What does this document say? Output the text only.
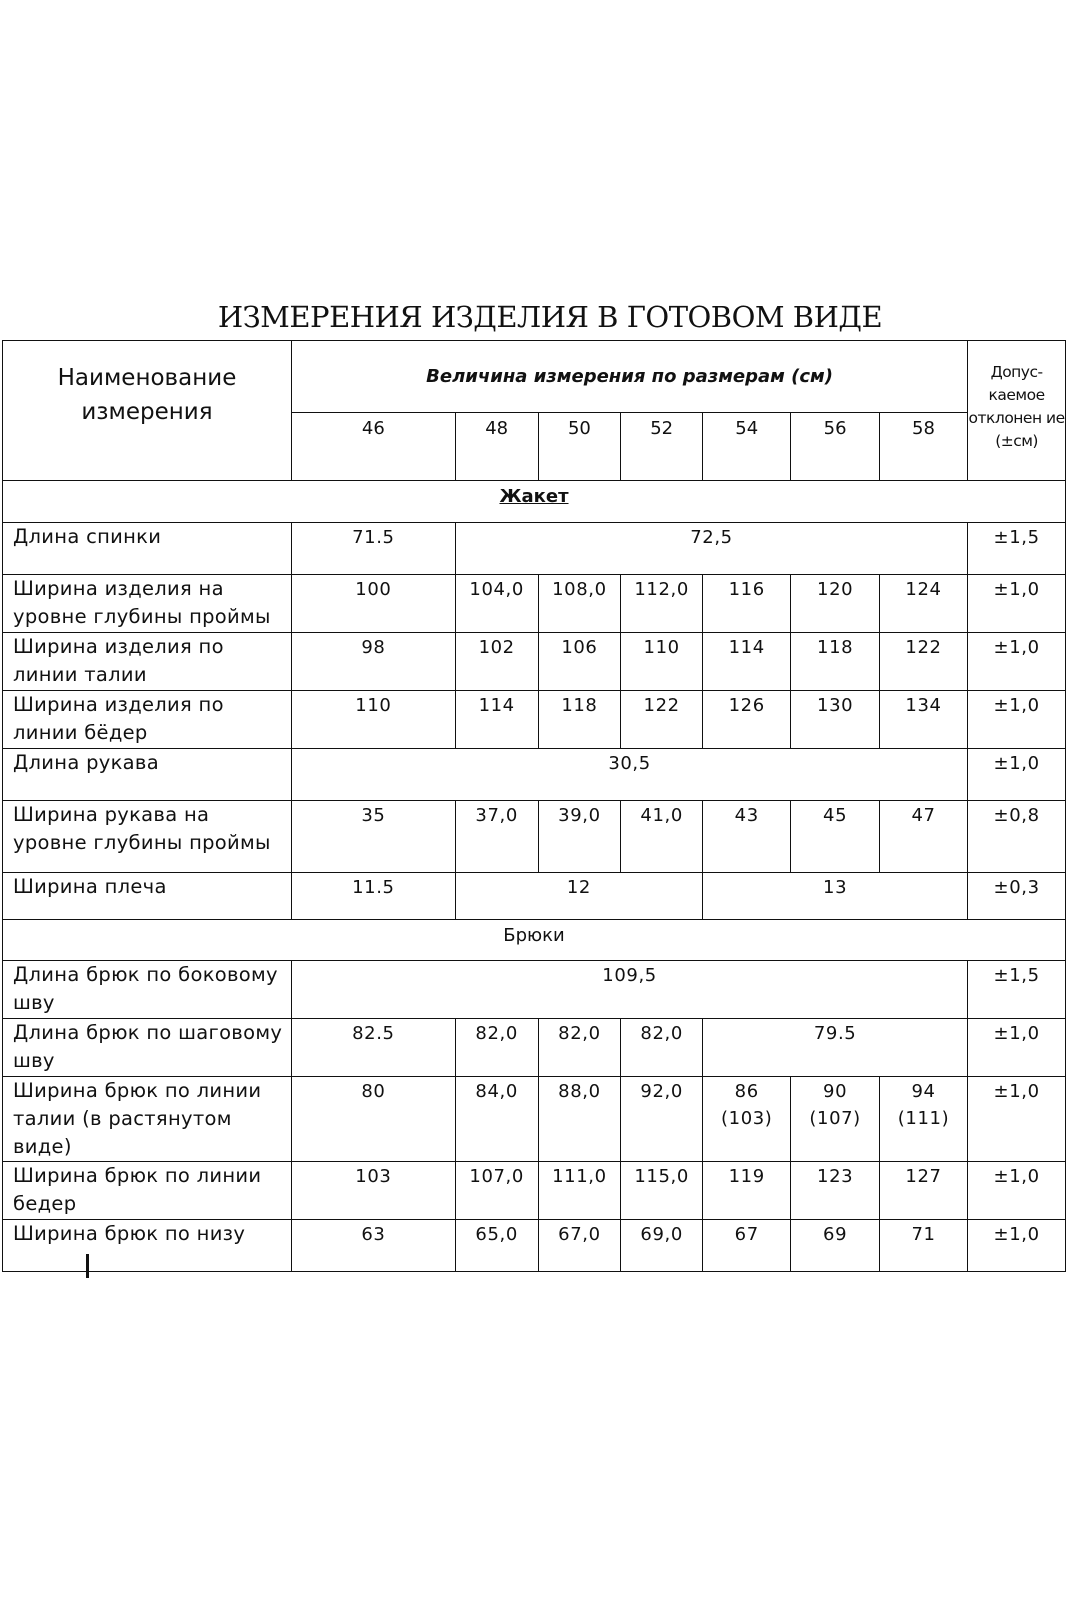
ИЗМЕРЕНИЯ ИЗДЕЛИЯ В ГОТОВОМ ВИДЕ
Наименование измерения	Величина измерения по размерам (см)							Допус- каемое отклонен ие (±см)
	46	48	50	52	54	56	58	
Жакет								
Длина спинки	71.5	72,5						±1,5
Ширина изделия на уровне глубины проймы	100	104,0	108,0	112,0	116	120	124	±1,0
Ширина изделия по линии талии	98	102	106	110	114	118	122	±1,0
Ширина изделия по линии бёдер	110	114	118	122	126	130	134	±1,0
Длина рукава	30,5							±1,0
Ширина рукава на уровне глубины проймы	35	37,0	39,0	41,0	43	45	47	±0,8
Ширина плеча	11.5	12			13			±0,3
Брюки								
Длина брюк по боковому шву	109,5							±1,5
Длина брюк по шаговому шву	82.5	82,0	82,0	82,0	79.5			±1,0
Ширина брюк по линии талии (в растянутом виде)	80	84,0	88,0	92,0	86 (103)	90 (107)	94 (111)	±1,0
Ширина брюк по линии бедер	103	107,0	111,0	115,0	119	123	127	±1,0
Ширина брюк по низу	63	65,0	67,0	69,0	67	69	71	±1,0
